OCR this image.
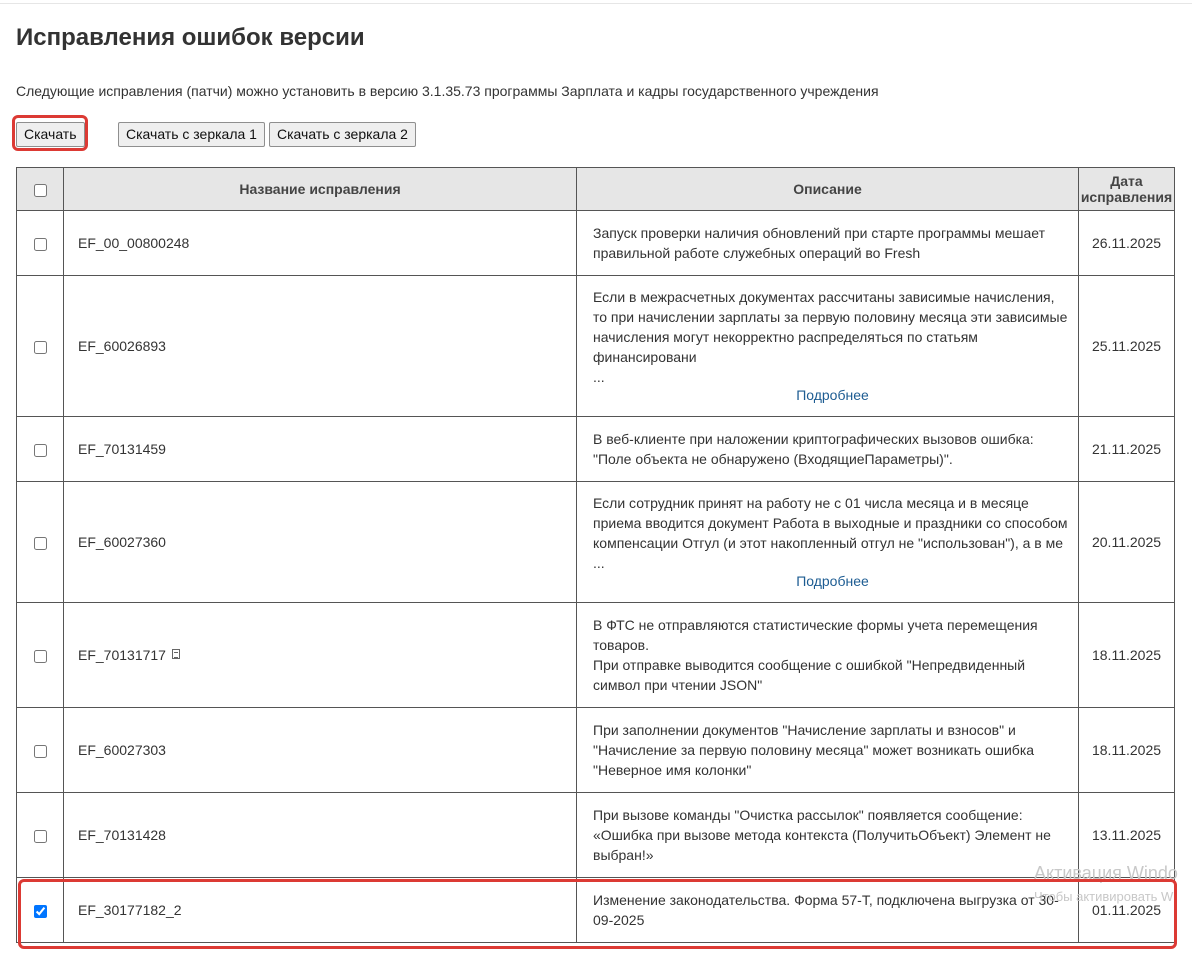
Исправления ошибок версии

Следующие исправления (патчи) можно установить в версию 3.1.35.73 программы Зарплата и кадры государственного учреждения

Скачать	Скачать с зеркала 1	Скачать с зеркала 2
	Название исправления	Описание	Дата
исправления
	EF_00_00800248	Запуск проверки наличия обновлений при старте программы мешает правильной работе служебных операций во Fresh	26.11.2025
	EF_60026893	Если в межрасчетных документах рассчитаны зависимые начисления, то при начислении зарплаты за первую половину месяца эти зависимые начисления могут некорректно распределяться по статьям финансировани
...
Подробнее	25.11.2025
	EF_70131459	В веб-клиенте при наложении криптографических вызовов ошибка: "Поле объекта не обнаружено (ВходящиеПараметры)".	21.11.2025
	EF_60027360	Если сотрудник принят на работу не с 01 числа месяца и в месяце приема вводится документ Работа в выходные и праздники со способом компенсации Отгул (и этот накопленный отгул не "использован"), а в ме
...
Подробнее	20.11.2025
	EF_70131717	В ФТС не отправляются статистические формы учета перемещения товаров.
При отправке выводится сообщение с ошибкой "Непредвиденный символ при чтении JSON"	18.11.2025
	EF_60027303	При заполнении документов "Начисление зарплаты и взносов" и "Начисление за первую половину месяца" может возникать ошибка "Неверное имя колонки"	18.11.2025
	EF_70131428	При вызове команды "Очистка рассылок" появляется сообщение: «Ошибка при вызове метода контекста (ПолучитьОбъект) Элемент не выбран!»	13.11.2025
	EF_30177182_2	Изменение законодательства. Форма 57-Т, подключена выгрузка от 30-09-2025	01.11.2025
Активация Windo
Чтобы активировать W
